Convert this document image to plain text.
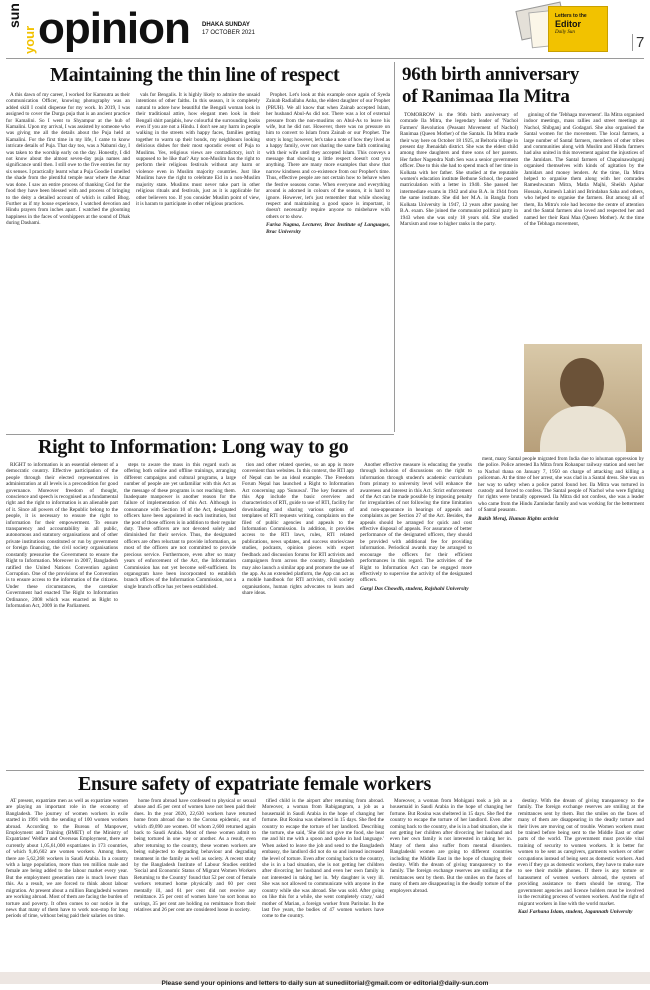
sun
your opinion DHAKA SUNDAY
17 OCTOBER 2021
Letters to the
Editor
Daily Sun
7
Maintaining the thin line of respect

A this dawn of my career, I worked for Kamsutra as their communication Officer, knowing photography was an added skill I could dispense for my work. In 2019, I was assigned to cover the Durga puja that is an ancient practice for Kamalini. So I went to Shyampur at the hub of Kamalini. Upon my arrival, I was assisted by someone who was giving me all the details about the Puja held at Kamalini. For the first time in my life, I came to know intricate details of Puja. That day too, was a Nabami day, I was taken to the worship early on the day. Honestly, I did not know about the almost seven-day puja names and significance until then. I still owe to the five entries for my six senses. I practically learnt what a Puja Goodie I smelled the shade from the plentiful temple near where the Amar was done. I saw an entire process of thanking God for the food they have been blessed with and process of bringing to the deity a detailed account of which is called Bhog. Further as if my house experience, I watched devotion and Hindu prayers from inches apart. I watched the glooming happiness in the faces of worshippers at the sound of Dhak during Dashami.

vals for Bengalis. It is highly likely to admire the unsaid intentions of other faiths. In this season, it is completely natural to adore how beautiful the Bengali woman look in their traditional attire, how elegant men look in their Bengali shirt panjabis, how colourful the surrounding looks even if you are not a Hindu. I don't see any harm in people walking in the streets with happy faces, families getting together to warm up their bonds, my neighbours looking delicious dishes for their most sporadic event of Puja to Muslims. Yes, religious views are contradictory, isn't it supposed to be like that? Any non-Muslim has the right to perform their religious festivals without any harm or violence even in Muslim majority countries. Just like Muslims have the right to celebrate Eid in a non-Muslim majority state. Muslims must never take part in other religious rituals and festivals, just as it is applicable for other believers too. If you consider Muslim point of view, it is haram to participate in other religious practices.

Prophet. Let's look at this example once again of Syeda Zainab Radiallahu Anha, the eldest daughter of our Prophet (PBUH). We all know that when Zainab accepted Islam, her husband Abul-As did not. There was a lot of external pressure from the non-muslims on Abul-As to leave his wife, but he did not. However, there was no pressure on him to convert to Islam from Zainab or our Prophet. The story is long; however, let's take a note of how they lived as a happy family, over not sharing the same faith continuing with their wife until they accepted Islam. This conveys a message that showing a little respect doesn't cost you anything. There are many more examples that show that narrow kindness and co-existence from our Prophet's time. Thus, effective people are not certain how to behave when the festive seasons come. When everyone and everything around is adorned in colours of the season, it is hard to ignore. However, let's just remember that while showing respect and maintaining a good space is important, it doesn't necessarily require anyone to misbehave with others or to show.

Farisa Nagma, Lecturer, Brac Institute of Languages, Brac University
96th birth anniversary
of Ranimaa Ila Mitra

TOMORROW is the 96th birth anniversary of comrade Ila Mitra, the legendary leader of 'Nachol Farmers' Revolution (Peasant Movement of Nachol) Ranimaa (Queen Mother) of the Santals. Ila Mitra made their way here on October 18 1925, at Beltoria village in present day Jhenaidah district. She was the eldest child among three daughters and three sons of her parents. Her father Nagendra Nath Sen was a senior government officer. Due to this she had to spend much of her time in Kolkata with her father. She studied at the reputable women's education institute Bethune School, the passed matriculation with a letter in 1940. She passed her intermediate exams in 1942 and also B.A. in 1944 from the same institute. She did her M.A. in Bangla from Kolkata University in 1947, 12 years after passing her B.A. exam. She joined the communist political party in 1943 when she was only 18 years old. She studied Marxism and rose to higher ranks in the party.

ginning of the 'Tebhaga movement'. Ila Mitra organised indoor meetings, mass rallies and street meetings at Nachol, Shibganj and Godagari. She also organised the Santal women for the movement. The local farmers, a large number of Santal farmers, members of other tribes and communities along with Muslim and Hindu farmers had also united in this movement against the injustices of the Jamidars. The Santal farmers of Chapainawabganj organised themselves with kinds of agitation by the Jamidars and money lenders. At the time, Ila Mitra helped to organise them along with her comrades Rameshwaram Mitra, Matla Majhi, Sheikh Ajahar Hossain, Animesh Lahiri and Brindaban Saha and others, who helped to organise the farmers. But among all of them, Ila Mitra's role had become the centre of attention and the Santal farmers also loved and respected her and named her their Rani Maa (Queen Mother). At the time of the Tebhaga movement,

Right to Information: Long way to go

RIGHT to information is an essential element of a democratic country. Effective participation of the people through their elected representatives in administration at all levels is a precondition for good governance. Moreover freedom of thought, conscience and speech is recognised as a fundamental right and the right to information is an alienable part of it. Since all powers of the Republic belong to the people, it is necessary to ensure the right to information for their empowerment. To ensure transparency and accountability in all public, autonomous and statutory organisations and of other private institutions constituted or run by government or foreign financing, the civil society organisations constantly pressurise the Government to ensure the Right to Information. Moreover in 2007, Bangladesh ratified the United Nations Convention against Corruption. One of the provisions of the Convention is to ensure access to the information of the citizens. Under these circumstances, the caretaker Government had enacted The Right to Information Ordinance, 2008 which was enacted as Right to Information Act, 2009 in the Parliament.

steps to aware the mass in this regard such as offering both online and offline trainings, arranging different campaigns and cultural programs, a large number of people are yet unfamiliar with this Act as the message of these programs is not reaching them. Inadequate manpower is another reason for the failure of implementation of this Act. Although in consonance with Section 10 of the Act, designated officers have been appointed in each institution, but the post of those officers is in addition to their regular duty. These officers are not devoted solely and diminished for their service. Thus, the designated officers are often reluctant to provide information, as most of the officers are not committed to provide precious service. Furthermore, even after so many years of enforcement of the Act, the Information Commission has not yet become self-sufficient. Its organogram have been incorporated to establish branch offices of the Information Commission, not a single branch office has yet been established.

tion and other related queries, so an app is more convenient than websites. In this context, the RTI app of Nepal can be an ideal example. The Freedom Forum Nepal has launched a Right to Information Act concerning app 'Sunuwai'. The key features of this App include the basic overview and characteristics of RTI, guide to use of RTI, facility for downloading and sharing various options of templates of RTI requests writing, complaints on the filed of public agencies and appeals to the Information Commission. In addition, it provides access to the RTI laws, rules, RTI related publications, news updates, and success stories/case studies, podcasts, opinion pieces with expert feedback and discussion forums for RTI activists and campaigners from across the country. Bangladesh may also launch a similar app and promote the use of the app. As an extended platform, the App can act as a mobile handbook for RTI activists, civil society organisations, human rights advocates to learn and share ideas.

Another effective measure is educating the youths through inclusion of discussions on the right to information through student's academic curriculum from primary to university level will enhance the awareness and interest in this Act. Strict enforcement of the Act can be made possible by imposing penalty for irregularities of not following the time limitation and non-appearance in hearings of appeals and complaints as per Section 27 of the Act. Besides, the appeals should be arranged for quick and cost effective disposal of appeals. For assurance of better performance of the designated officers, they should be provided with additional fee for providing information. Periodical awards may be arranged to encourage the officers for their efficient performances in this regard. The activities of the Right to Information Act can be engaged more effectively to supervise the activity of the designated officers.

Gargi Das Chowdh, student, Rajshahi University

ment, many Santal people migrated from India due to inhuman oppression by the police. Police arrested Ila Mitra from Rohanpur railway station and sent her to Nachol thana on January 7, 1950 on charge of attacking and killing a policeman. At the time of her arrest, she was clad in a Santal dress. She was on her way to safety when a police patrol found her. Ila Mitra was tortured in custody and forced to confess. The Santal people of Nachol who were fighting for rights were brutally oppressed. Ila Mitra did not confess, she was a leader who came from the Hindu Zamindar family and was working for the betterment of Santal peasants.

Rakib Meraj, Human Rights activist
Ensure safety of expatriate female workers

AT present, expatriate men as well as expatriate women are playing an important role in the economy of Bangladesh. The journey of women workers in exile started in 1991 with the sending of 100 women workers abroad. According to the Bureau of Manpower, Employment and Training (BMET) of the Ministry of Expatriates' Welfare and Overseas Employment, there are currently about 1,05,61,000 expatriates in 173 countries, of which 9,46,602 are women workers. Among them, there are 5,62,268 workers in Saudi Arabia. In a country with a large population, more than ten million male and female are being added to the labour market every year. But the employment generation rate is much lower than this. As a result, we are forced to think about labour migration. At present about a million Bangladeshi women are working abroad. Most of them are facing the burden of torture and poverty. It often comes to our notice in the news that many of them have to work non-stop for long periods of time, without being paid their salaries on time.

home from abroad have confessed to physical or sexual abuse and 45 per cent of women have not been paid their dues. In the year 2020, 22,630 workers have returned home from abroad due to the Corona epidemic, out of which 49,090 are women. Of whom 2,600 returned again back to Saudi Arabia. Most of these women admit to being tortured in one way or another. As a result, even after returning to the country, these women workers are being subjected to degrading behaviour and degrading treatment in the family as well as society. A recent study by the Bangladesh Institute of Labour Studies entitled 'Social and Economic Status of Migrant Women Workers Returning to the Country' found that 52 per cent of female workers returned home physically and 60 per cent mentally ill, and 61 per cent did not receive any remittance. 25 per cent of women have 'no sort bonus no savings, 35 per cent are holding no remittance from their relatives and 26 per cent are considered loose in society.

tified child is the airport after returning from abroad. Moreover, a woman from Rabigangram, a job as a housemaid in Saudi Arabia in the hope of changing her fortune. But Rosina was sheltered in 15 days. She fled the country to escape the torture of her landlord. Describing the torture, she said, 'She did not give me food, she beat me and hit me with a spoon and spoke in bad language.' When asked to leave the job and send to the Bangladesh embassy, the landlord did not do so and instead increased the level of torture. Even after coming back to the country, she is in a bad situation, she is not getting her children after divorcing her husband and even her own family is not interested in taking her in. 'My daughter is very ill. She was not allowed to communicate with anyone in the country while she was abroad. She was sold. After going on like this for a while, she went completely crazy,' said mother of Marian, a foreign worker from Paritolar. In the last five years, the bodies of 47 women workers have come to the country.

Moreover, a woman from Mohigani took a job as a housemaid in Saudi Arabia in the hope of changing her fortune. But Rosina was sheltered in 15 days. She fled the country to escape the torture of her landlord. Even after coming back to the country, she is in a bad situation, she is not getting her children after divorcing her husband and even her own family is not interested in taking her in. Many of them also suffer from mental disorders. Bangladeshi women are going to different countries including the Middle East in the hope of changing their destiny. With the dream of giving transparency to the family. The foreign exchange reserves are smiling at the remittances sent by them. But the smiles on the faces of many of them are disappearing in the deadly torture of the employers abroad.

destiny. With the dream of giving transparency to the family. The foreign exchange reserves are smiling at the remittances sent by them. But the smiles on the faces of many of them are disappearing in the deadly torture and their lives are moving out of trouble. Women workers must be trained before being sent to the Middle East or other parts of the world. The government must provide vital training of security to women workers. It is better for women to be sent as caregivers, garments workers or other occupations instead of being sent as domestic workers. And even if they go as domestic workers, they have to make sure to see their mobile phones. If there is any torture or harassment of women workers abroad, the system of providing assistance to them should be strong. The government agencies and licence holders must be involved in the recruiting process of women workers. And the right of migrant workers in line with the world market.

Kazi Farhana Islam, student, Jagannath University
Please send your opinions and letters to daily sun at sunediitorial@gmail.com or editorial@daily-sun.com
